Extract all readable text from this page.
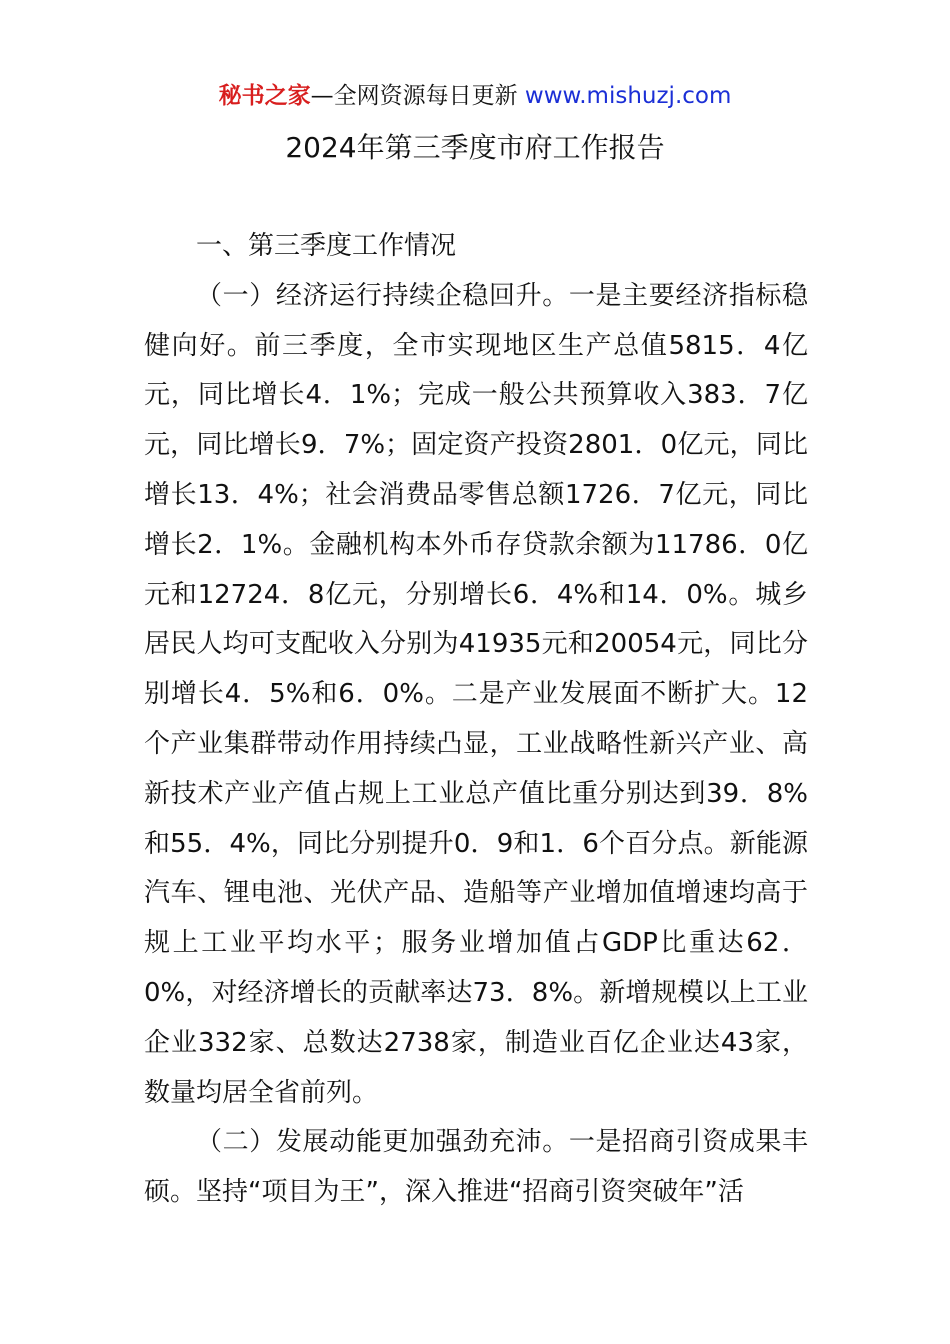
秘书之家—全网资源每日更新 www.mishuzj.com
2024年第三季度市府工作报告

一、第三季度工作情况

（一）经济运行持续企稳回升。一是主要经济指标稳健向好。前三季度，全市实现地区生产总值5815．4亿元，同比增长4．1%；完成一般公共预算收入383．7亿元，同比增长9．7%；固定资产投资2801．0亿元，同比增长13．4%；社会消费品零售总额1726．7亿元，同比增长2．1%。金融机构本外币存贷款余额为11786．0亿元和12724．8亿元，分别增长6．4%和14．0%。城乡居民人均可支配收入分别为41935元和20054元，同比分别增长4．5%和6．0%。二是产业发展面不断扩大。12个产业集群带动作用持续凸显，工业战略性新兴产业、高新技术产业产值占规上工业总产值比重分别达到39．8%和55．4%，同比分别提升0．9和1．6个百分点。新能源汽车、锂电池、光伏产品、造船等产业增加值增速均高于规上工业平均水平；服务业增加值占GDP比重达62．0%，对经济增长的贡献率达73．8%。新增规模以上工业企业332家、总数达2738家，制造业百亿企业达43家，数量均居全省前列。

（二）发展动能更加强劲充沛。一是招商引资成果丰硕。坚持“项目为王”，深入推进“招商引资突破年”活
